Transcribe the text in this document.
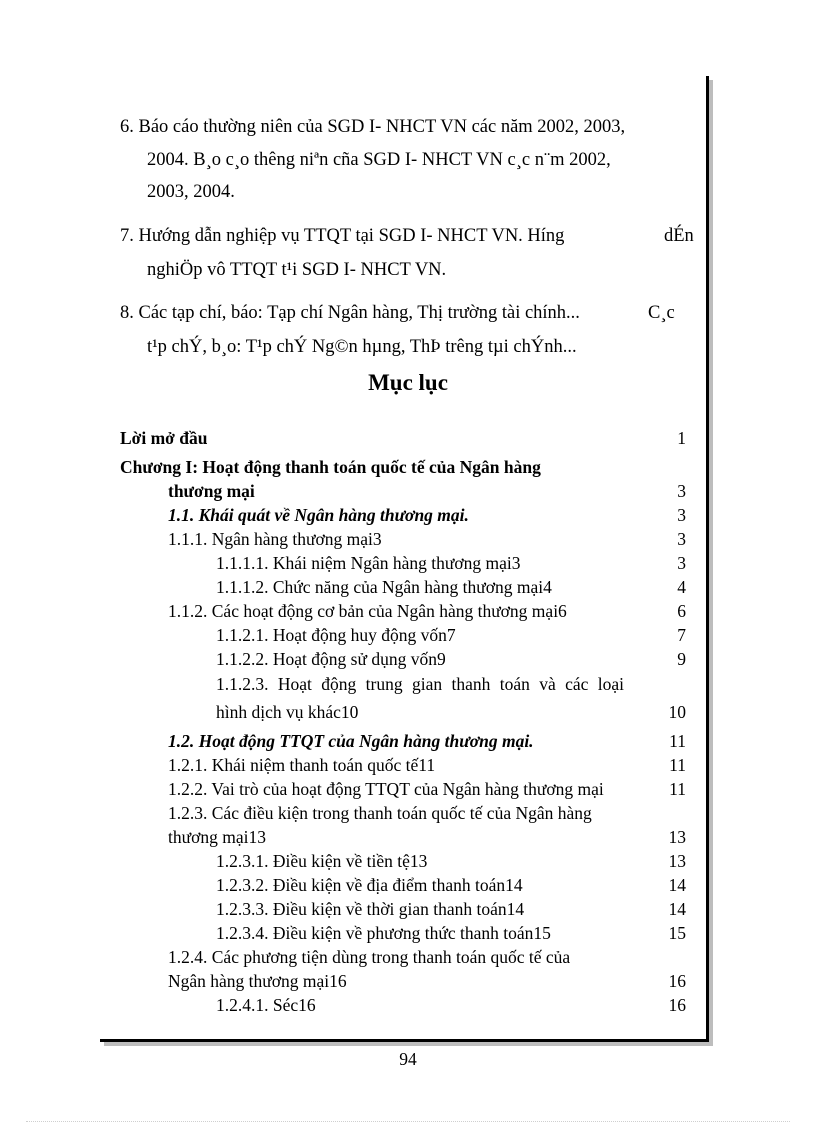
6. Báo cáo thường niên của SGD I- NHCT VN các năm 2002, 2003,
2004. B¸o c¸o thêng niªn cña SGD I- NHCT VN c¸c n¨m 2002,
2003, 2004.
7. Hướng dẫn nghiệp vụ TTQT tại SGD I- NHCT VN. Híng	dÉn
nghiÖp vô TTQT t¹i SGD I- NHCT VN.
8. Các tạp chí, báo: Tạp chí Ngân hàng, Thị trường tài chính...	C¸c
t¹p chÝ, b¸o: T¹p chÝ Ng©n hµng, ThÞ trêng tµi chÝnh...
Mục lục
Lời mở đầu	1
Chương I: Hoạt động thanh toán quốc tế của Ngân hàng
thương mại	3
1.1. Khái quát về Ngân hàng thương mại.	3
1.1.1. Ngân hàng thương mại3	3
1.1.1.1. Khái niệm Ngân hàng thương mại3	3
1.1.1.2. Chức năng của Ngân hàng thương mại4	4
1.1.2. Các hoạt động cơ bản của Ngân hàng thương mại6	6
1.1.2.1. Hoạt động huy động vốn7	7
1.1.2.2. Hoạt động sử dụng vốn9	9
1.1.2.3. Hoạt động trung gian thanh toán và các loại
hình dịch vụ khác10	10
1.2. Hoạt động TTQT của Ngân hàng thương mại.	11
1.2.1. Khái niệm thanh toán quốc tế11	11
1.2.2. Vai trò của hoạt động TTQT của Ngân hàng thương mại	11
1.2.3. Các điều kiện trong thanh toán quốc tế của Ngân hàng
thương mại13	13
1.2.3.1. Điều kiện về tiền tệ13	13
1.2.3.2. Điều kiện về địa điểm thanh toán14	14
1.2.3.3. Điều kiện về thời gian thanh toán14	14
1.2.3.4. Điều kiện về phương thức thanh toán15	15
1.2.4. Các phương tiện dùng trong thanh toán quốc tế của
Ngân hàng thương mại16	16
1.2.4.1. Séc16	16
94
